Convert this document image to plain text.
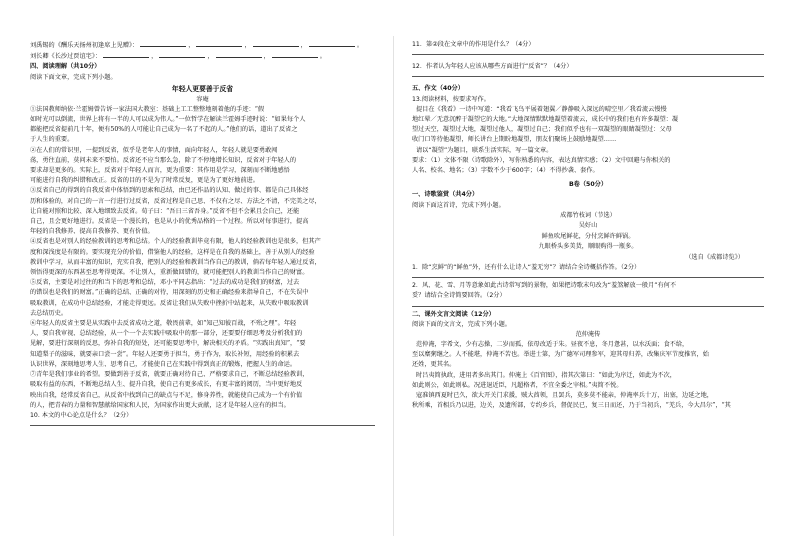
刘禹锡的《酬乐天扬州初逢席上见赠》：	，	，	，	。
刘长卿《长沙过贾谊宅》：	，	，	，	。
四、阅读理解（共10分）
阅读下面文章，完成下列小题。
年轻人更要善于反省
容庵
①法国教师纳依·兰霍姆曾告诉一家法国大教室：基础上工工整整地刻着他的手迹：“假
如时光可以倒流，世界上将有一半的人可以成为伟人。”一位哲学在解读兰霍姆手迹时说：“如果每个人
都能把反省提前几十年，便有50%的人可能让自己成为一名了不起的人。”他们的话，道出了反省之
于人生的重要。
②在人们的常识里，一提到反省，似乎是老年人的事情，面向年轻人，年轻人就是要勇敢闯
荡，勇往直前，莫问未来不要怕。反省还不应当那么急，除了不停地增长知识，反省对于年轻人的
要求却是更多的。实际上，反省对于年轻人而言，更为重要：其作用是学习，深刻而不断地感悟
可能进行自我的纠错和改正。反省的目的不是为了时常反复，更是为了更好地前进。
③反省自己的得到的自我反省中体悟到的思索和总结，由已还作品的认知、做过的事、都是自己具体经
历和体验的，对自己的一言一行进行过反省，反省过程是自己思、不仅有之尽、方法之不清，不完美之尽，
让自能对照和比较、深入地细致去反省。荀子曰：“吾日三省吾身。”反省不但不会累且会自己，还能
自己，且会更好地进行。反省是一个漫长的，也是从小的优秀品格的一个过程。所以对每事进行，提高
年轻的自我修养、提高自我修养、更有价值。
④反省也是对别人的经验教训的思考和总结。个人的经验教训毕竟有限，他人的经验教训也是很多，但其产
度和深浅度是有限的。要实现充分的价值，借鉴他人的经验，这样是在自我的基础上，善于从别人的经验
教训中学习，从而丰富的知识，充实自我，把别人的经验和教训当作自己的教训，倘若每年轻人通过反省，
领悟得更深的东西甚至思考得更深。不让别人，重新做回错的，就可能把别人的教训当作自己的财富。
⑤反省，主要是对过往的和当下的思考和总结，邓小平同志指出：“过去的成功是我们的财富，过去
的错误也是我们的财富。”正确的总结、正确的对待，用深刻的历史和正确经验来指导自己，不在失误中
吸取教训，在成功中总结经验，才能走得更远。反省让我们从失败中挫折中站起来，从失败中吸取教训
去总结历史。
⑥年轻人的反省主要是从实践中去反省成功之道，敬畏前辈，如“知己知彼百战，不殆之理”。年轻
人，要自我审视、总结经验，从一个一个去实践中吸取中的那一部分，还要要仔细思考及分析我们的
见解，要进行深刻的反思，弥补自我的短处，还可能要思考中，解决相关的矛盾。“实践出真知”，“要
知道梨子的滋味，就要亲口尝一尝”。年轻人还要勇于担当，勇于作为，取长补短，用经验的积累去
认识世界，深刻地思考人生、思考自己，才能使自己在实践中得到真正的锻炼，把握人生的命运。
⑦青年是我们事业的希望。要做到善于反省，就要正确对待自己、严格要求自己，不断总结经验教训，
吸取有益的东西，不断地总结人生、提升自我，使自己有更多成长，有更丰富的阅历，当中更好地反
映出自我，经常反省自己，从反省中找到自己的缺点与不足，修身养性，就能使自己成为一个有价值
的人，把青春的力量和智慧献给国家和人民，为国家作出更大贡献，这才是年轻人应有的担当。
10. 本文的中心论点是什么？（2分）
11．第②段在文章中的作用是什么？（4分）
12．作者认为年轻人应该从哪些方面进行“反省”？（4分）
五、作文（40分）
13.阅读材料，按要求写作。
提目在《我看》一诗中写道：“我看飞鸟平展着翅翼／静静吸入深远的晴空里／我看流云慢慢
地红晕／无意沉醉于凝望它的大地。”大地深情默默地凝望着流云，成长中的我们也有许多凝望：凝
望过天空，凝望过大地，凝望过他人，凝望过自己；我们似乎也有一双凝望的眼睛凝望过：父母
收门口等待他凝望，师长讲台上期盼地凝望，朋友们聚场上鼓励地凝望……
请以“凝望”为题目，联系生活实际，写一篇文章。
要求：（1）文体不限（诗歌除外），写你熟悉的内容，表达真情实感；（2）文中回避与你相关的
人名、校名、地名；（3）字数不少于600字；（4）不得抄袭、套作。
B卷（50分）
一、诗歌鉴赏（共4分）
阅读下面这首诗，完成下列小题。
成都竹枝词（节选）
吴好山
鲜鱼吹尾鲜花，分付烹鲜许鲜锅。
九眼桥头多美货，顺眼购得一瓶多。
（选自《成都诗览》）
1．除“烹鲜”的“鲜鱼”外，还有什么让诗人“羞无穷”？请结合全诗概括作答。（2分）
2．风、花、雪、月等意象如此古诗常写到的景物，如果把诗歌末句改为“羞煞解放一般月”有何不
妥？请结合全诗简要回答。（2分）
二、课外文言文阅读（12分）
阅读下面的文言文，完成下列小题。
范仲淹传
范仲淹，字希文，少有志操，二岁而孤，依母改适于朱。昼夜不息，冬月惫甚，以水沃面；食不给，
至以糜粥继之。人不能堪，仲淹不苦也。举进士第，为广德军司理参军，迎其母归养，改集庆军节度推官，始
还姓，更其名。
时吕夷简执政，进用者多出其门。仲淹上《百官图》，指其次第曰：“如此为序迁，如此为不次，
如此则公，如此则私。况进退近臣，凡超格者，不宜全委之宰相。”夷简不悦。
寇准镇西夏时已久，欲大开关门求援，贼大酋领，且罢兵，莫多莫不能亲，仲淹率兵十万，出塞，边延之地，
秋所乘，首相兵乃以进，边关，及遗所部，专约乡兵，督促民已，复三日而还，乃于当初兵，“羌兵，今大昌尔”，“其
